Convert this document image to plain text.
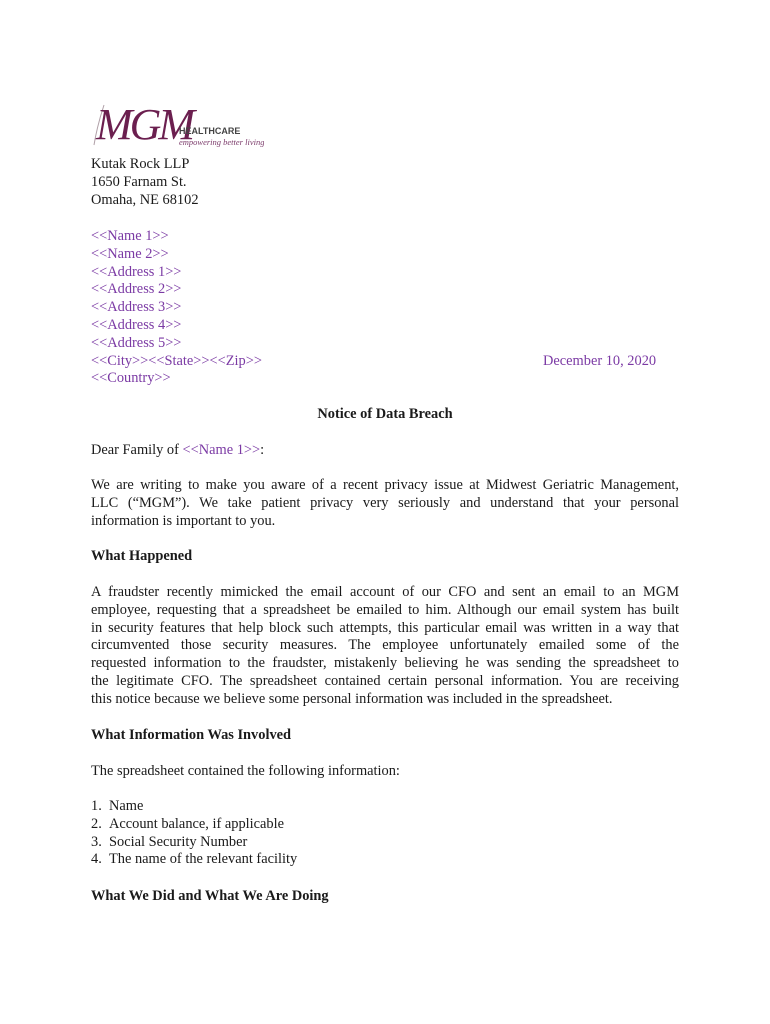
MGM
HEALTHCARE
empowering better living
Kutak Rock LLP
1650 Farnam St.
Omaha, NE 68102
<<Name 1>>
<<Name 2>>
<<Address 1>>
<<Address 2>>
<<Address 3>>
<<Address 4>>
<<Address 5>>
<<City>><<State>><<Zip>>
<<Country>>
December 10, 2020
Notice of Data Breach
Dear Family of <<Name 1>>:
We are writing to make you aware of a recent privacy issue at Midwest Geriatric Management,
LLC (“MGM”). We take patient privacy very seriously and understand that your personal
information is important to you.
What Happened
A fraudster recently mimicked the email account of our CFO and sent an email to an MGM
employee, requesting that a spreadsheet be emailed to him. Although our email system has built
in security features that help block such attempts, this particular email was written in a way that
circumvented those security measures. The employee unfortunately emailed some of the
requested information to the fraudster, mistakenly believing he was sending the spreadsheet to
the legitimate CFO. The spreadsheet contained certain personal information. You are receiving
this notice because we believe some personal information was included in the spreadsheet.
What Information Was Involved
The spreadsheet contained the following information:
1. Name
2. Account balance, if applicable
3. Social Security Number
4. The name of the relevant facility
What We Did and What We Are Doing
